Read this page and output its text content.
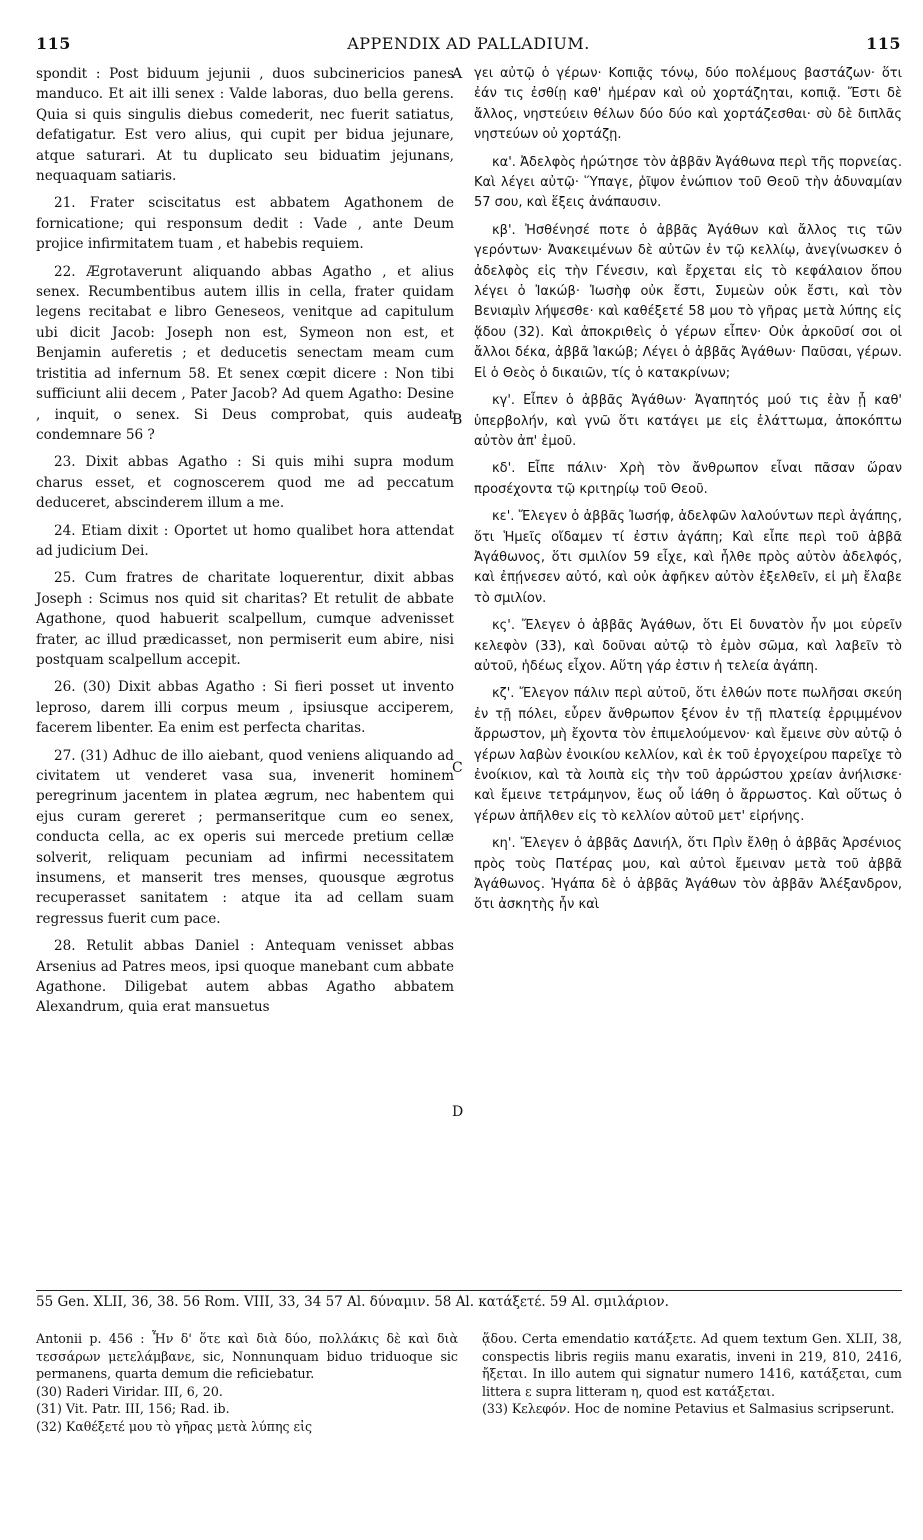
115	APPENDIX AD PALLADIUM.	115

spondit : Post biduum jejunii , duos subcinericios panes manduco. Et ait illi senex : Valde laboras, duo bella gerens. Quia si quis singulis diebus comederit, nec fuerit satiatus, defatigatur. Est vero alius, qui cupit per bidua jejunare, atque saturari. At tu duplicato seu biduatim jejunans, nequaquam satiaris.

21. Frater sciscitatus est abbatem Agathonem de fornicatione; qui responsum dedit : Vade , ante Deum projice infirmitatem tuam , et habebis requiem.

22. Ægrotaverunt aliquando abbas Agatho , et alius senex. Recumbentibus autem illis in cella, frater quidam legens recitabat e libro Geneseos, venitque ad capitulum ubi dicit Jacob: Joseph non est, Symeon non est, et Benjamin auferetis ; et deducetis senectam meam cum tristitia ad infernum 58. Et senex cœpit dicere : Non tibi sufficiunt alii decem , Pater Jacob? Ad quem Agatho: Desine , inquit, o senex. Si Deus comprobat, quis audeat condemnare 56 ?

23. Dixit abbas Agatho : Si quis mihi supra modum charus esset, et cognoscerem quod me ad peccatum deduceret, abscinderem illum a me.

24. Etiam dixit : Oportet ut homo qualibet hora attendat ad judicium Dei.

25. Cum fratres de charitate loquerentur, dixit abbas Joseph : Scimus nos quid sit charitas? Et retulit de abbate Agathone, quod habuerit scalpellum, cumque advenisset frater, ac illud prædicasset, non permiserit eum abire, nisi postquam scalpellum accepit.

26. (30) Dixit abbas Agatho : Si fieri posset ut invento leproso, darem illi corpus meum , ipsiusque acciperem, facerem libenter. Ea enim est perfecta charitas.

27. (31) Adhuc de illo aiebant, quod veniens aliquando ad civitatem ut venderet vasa sua, invenerit hominem peregrinum jacentem in platea ægrum, nec habentem qui ejus curam gereret ; permanseritque cum eo senex, conducta cella, ac ex operis sui mercede pretium cellæ solverit, reliquam pecuniam ad infirmi necessitatem insumens, et manserit tres menses, quousque ægrotus recuperasset sanitatem : atque ita ad cellam suam regressus fuerit cum pace.

28. Retulit abbas Daniel : Antequam venisset abbas Arsenius ad Patres meos, ipsi quoque manebant cum abbate Agathone. Diligebat autem abbas Agatho abbatem Alexandrum, quia erat mansuetus

A
B
C
D

γει αὐτῷ ὁ γέρων· Κοπιᾷς τόνῳ, δύο πολέμους βαστάζων· ὅτι ἐάν τις ἐσθίῃ καθ' ἡμέραν καὶ οὐ χορτάζηται, κοπιᾷ. Ἔστι δὲ ἄλλος, νηστεύειν θέλων δύο δύο καὶ χορτάζεσθαι· σὺ δὲ διπλᾶς νηστεύων οὐ χορτάζῃ.

κα'. Ἀδελφὸς ἠρώτησε τὸν ἀββᾶν Ἀγάθωνα περὶ τῆς πορνείας. Καὶ λέγει αὐτῷ· Ὕπαγε, ῥῖψον ἐνώπιον τοῦ Θεοῦ τὴν ἀδυναμίαν 57 σου, καὶ ἕξεις ἀνάπαυσιν.

κβ'. Ἠσθένησέ ποτε ὁ ἀββᾶς Ἀγάθων καὶ ἄλλος τις τῶν γερόντων· Ἀνακειμένων δὲ αὐτῶν ἐν τῷ κελλίῳ, ἀνεγίνωσκεν ὁ ἀδελφὸς εἰς τὴν Γένεσιν, καὶ ἔρχεται εἰς τὸ κεφάλαιον ὅπου λέγει ὁ Ἰακώβ· Ἰωσὴφ οὐκ ἔστι, Συμεὼν οὐκ ἔστι, καὶ τὸν Βενιαμὶν λήψεσθε· καὶ καθέξετέ 58 μου τὸ γῆρας μετὰ λύπης εἰς ᾅδου (32). Καὶ ἀποκριθεὶς ὁ γέρων εἶπεν· Οὐκ ἀρκοῦσί σοι οἱ ἄλλοι δέκα, ἀββᾶ Ἰακώβ; Λέγει ὁ ἀββᾶς Ἀγάθων· Παῦσαι, γέρων. Εἰ ὁ Θεὸς ὁ δικαιῶν, τίς ὁ κατακρίνων;

κγ'. Εἶπεν ὁ ἀββᾶς Ἀγάθων· Ἀγαπητός μού τις ἐὰν ᾖ καθ' ὑπερβολήν, καὶ γνῶ ὅτι κατάγει με εἰς ἐλάττωμα, ἀποκόπτω αὐτὸν ἀπ' ἐμοῦ.

κδ'. Εἶπε πάλιν· Χρὴ τὸν ἄνθρωπον εἶναι πᾶσαν ὥραν προσέχοντα τῷ κριτηρίῳ τοῦ Θεοῦ.

κε'. Ἔλεγεν ὁ ἀββᾶς Ἰωσήφ, ἀδελφῶν λαλούντων περὶ ἀγάπης, ὅτι Ἡμεῖς οἴδαμεν τί ἐστιν ἀγάπη; Καὶ εἶπε περὶ τοῦ ἀββᾶ Ἀγάθωνος, ὅτι σμιλίον 59 εἶχε, καὶ ἦλθε πρὸς αὐτὸν ἀδελφός, καὶ ἐπῄνεσεν αὐτό, καὶ οὐκ ἀφῆκεν αὐτὸν ἐξελθεῖν, εἰ μὴ ἔλαβε τὸ σμιλίον.

κς'. Ἔλεγεν ὁ ἀββᾶς Ἀγάθων, ὅτι Εἰ δυνατὸν ἦν μοι εὑρεῖν κελεφὸν (33), καὶ δοῦναι αὐτῷ τὸ ἐμὸν σῶμα, καὶ λαβεῖν τὸ αὐτοῦ, ἡδέως εἶχον. Αὕτη γάρ ἐστιν ἡ τελεία ἀγάπη.

κζ'. Ἔλεγον πάλιν περὶ αὐτοῦ, ὅτι ἐλθών ποτε πωλῆσαι σκεύη ἐν τῇ πόλει, εὗρεν ἄνθρωπον ξένον ἐν τῇ πλατείᾳ ἐρριμμένον ἄρρωστον, μὴ ἔχοντα τὸν ἐπιμελούμενον· καὶ ἔμεινε σὺν αὐτῷ ὁ γέρων λαβὼν ἐνοικίου κελλίον, καὶ ἐκ τοῦ ἐργοχείρου παρεῖχε τὸ ἐνοίκιον, καὶ τὰ λοιπὰ εἰς τὴν τοῦ ἀρρώστου χρείαν ἀνήλισκε· καὶ ἔμεινε τετράμηνον, ἕως οὗ ἰάθη ὁ ἄρρωστος. Καὶ οὕτως ὁ γέρων ἀπῆλθεν εἰς τὸ κελλίον αὐτοῦ μετ' εἰρήνης.

κη'. Ἔλεγεν ὁ ἀββᾶς Δανιήλ, ὅτι Πρὶν ἔλθῃ ὁ ἀββᾶς Ἀρσένιος πρὸς τοὺς Πατέρας μου, καὶ αὐτοὶ ἔμειναν μετὰ τοῦ ἀββᾶ Ἀγάθωνος. Ἠγάπα δὲ ὁ ἀββᾶς Ἀγάθων τὸν ἀββᾶν Ἀλέξανδρον, ὅτι ἀσκητὴς ἦν καὶ

55 Gen. XLII, 36, 38. 56 Rom. VIII, 33, 34 57 Al. δύναμιν. 58 Al. κατάξετέ. 59 Al. σμιλάριον.
Antonii p. 456 : Ἦν δ' ὅτε καὶ διὰ δύο, πολλάκις δὲ καὶ διὰ τεσσάρων μετελάμβανε, sic, Nonnunquam biduo triduoque sic permanens, quarta demum die reficiebatur.
(30) Raderi Viridar. III, 6, 20.
(31) Vit. Patr. III, 156; Rad. ib.
(32) Καθέξετέ μου τὸ γῆρας μετὰ λύπης εἰς
ᾅδου. Certa emendatio κατάξετε. Ad quem textum Gen. XLII, 38, conspectis libris regiis manu exaratis, inveni in 219, 810, 2416, ἤξεται. In illo autem qui signatur numero 1416, κατάξεται, cum littera ε supra litteram η, quod est κατάξεται.
(33) Κελεφόν. Hoc de nomine Petavius et Salmasius scripserunt.
